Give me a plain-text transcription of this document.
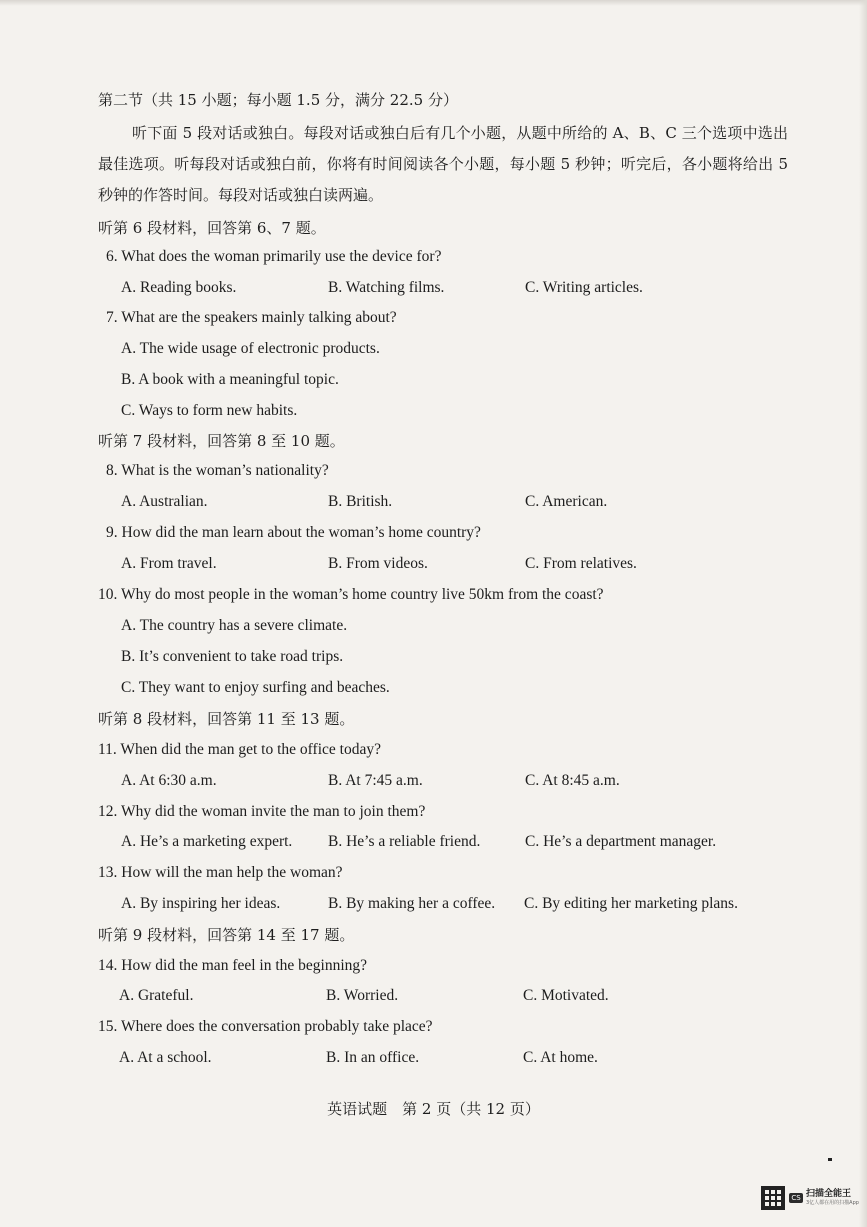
第二节（共 15 小题；每小题 1.5 分，满分 22.5 分）
听下面 5 段对话或独白。每段对话或独白后有几个小题，从题中所给的 A、B、C 三个选项中选出最佳选项。听每段对话或独白前，你将有时间阅读各个小题，每小题 5 秒钟；听完后，各小题将给出 5 秒钟的作答时间。每段对话或独白读两遍。
听第 6 段材料，回答第 6、7 题。
6. What does the woman primarily use the device for?
A. Reading books.	B. Watching films.	C. Writing articles.
7. What are the speakers mainly talking about?
A. The wide usage of electronic products.
B. A book with a meaningful topic.
C. Ways to form new habits.
听第 7 段材料，回答第 8 至 10 题。
8. What is the woman’s nationality?
A. Australian.	B. British.	C. American.
9. How did the man learn about the woman’s home country?
A. From travel.	B. From videos.	C. From relatives.
10. Why do most people in the woman’s home country live 50km from the coast?
A. The country has a severe climate.
B. It’s convenient to take road trips.
C. They want to enjoy surfing and beaches.
听第 8 段材料，回答第 11 至 13 题。
11. When did the man get to the office today?
A. At 6:30 a.m.	B. At 7:45 a.m.	C. At 8:45 a.m.
12. Why did the woman invite the man to join them?
A. He’s a marketing expert. B. He’s a reliable friend.	C. He’s a department manager.
13. How will the man help the woman?
A. By inspiring her ideas.	B. By making her a coffee. C. By editing her marketing plans.
听第 9 段材料，回答第 14 至 17 题。
14. How did the man feel in the beginning?
A. Grateful.	B. Worried.	C. Motivated.
15. Where does the conversation probably take place?
A. At a school.	B. In an office.	C. At home.
英语试题　第 2 页（共 12 页）
CS 扫描全能王
3亿人都在用的扫描App
